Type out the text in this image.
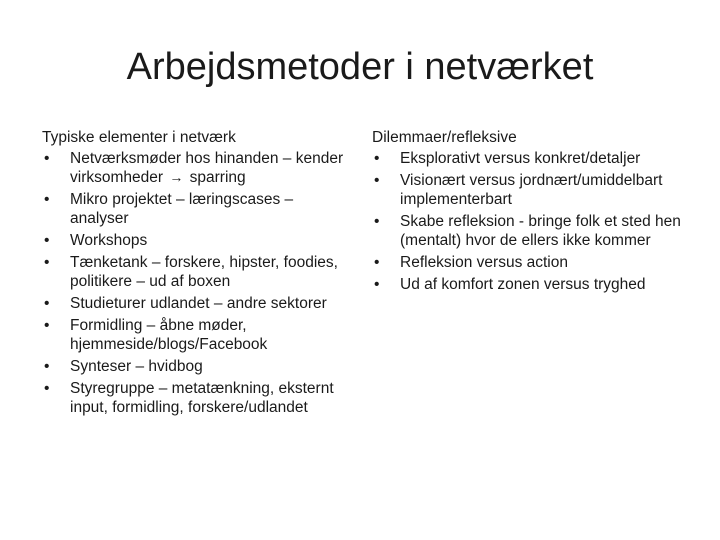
Arbejdsmetoder i netværket

Typiske elementer i netværk

• Netværksmøder hos hinanden – kender virksomheder → sparring
• Mikro projektet – læringscases – analyser
• Workshops
• Tænketank – forskere, hipster, foodies, politikere – ud af boxen
• Studieturer udlandet – andre sektorer
• Formidling – åbne møder, hjemmeside/blogs/Facebook
• Synteser – hvidbog
• Styregruppe – metatænkning, eksternt input, formidling, forskere/udlandet

Dilemmaer/refleksive

• Eksplorativt versus konkret/detaljer
• Visionært versus jordnært/umiddelbart implementerbart
• Skabe refleksion - bringe folk et sted hen (mentalt) hvor de ellers ikke kommer
• Refleksion versus action
• Ud af komfort zonen versus tryghed
